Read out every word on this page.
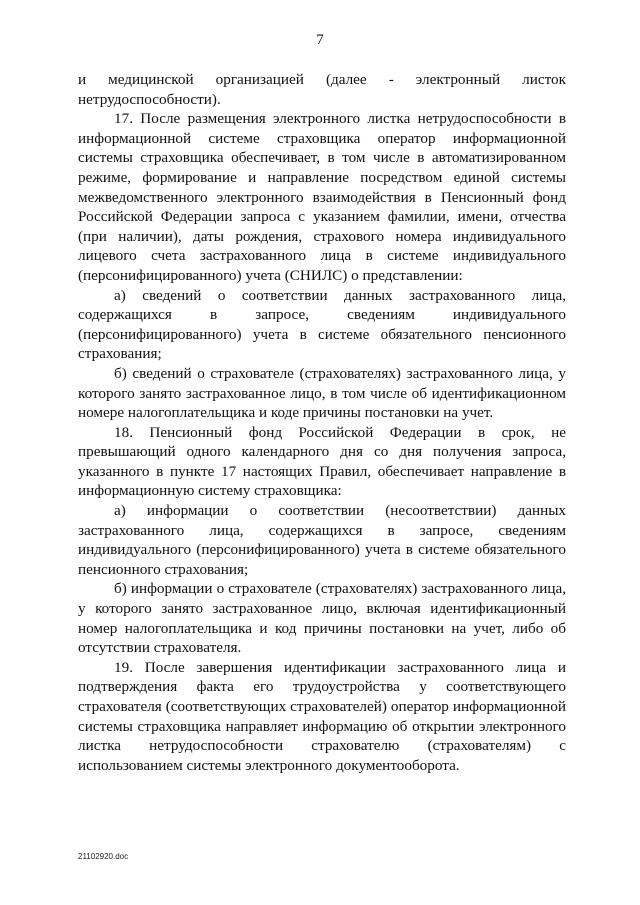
7

и медицинской организацией (далее - электронный листок нетрудоспособности).

17. После размещения электронного листка нетрудоспособности в информационной системе страховщика оператор информационной системы страховщика обеспечивает, в том числе в автоматизированном режиме, формирование и направление посредством единой системы межведомственного электронного взаимодействия в Пенсионный фонд Российской Федерации запроса с указанием фамилии, имени, отчества (при наличии), даты рождения, страхового номера индивидуального лицевого счета застрахованного лица в системе индивидуального (персонифицированного) учета (СНИЛС) о представлении:

а) сведений о соответствии данных застрахованного лица, содержащихся в запросе, сведениям индивидуального (персонифицированного) учета в системе обязательного пенсионного страхования;

б) сведений о страхователе (страхователях) застрахованного лица, у которого занято застрахованное лицо, в том числе об идентификационном номере налогоплательщика и коде причины постановки на учет.

18. Пенсионный фонд Российской Федерации в срок, не превышающий одного календарного дня со дня получения запроса, указанного в пункте 17 настоящих Правил, обеспечивает направление в информационную систему страховщика:

а) информации о соответствии (несоответствии) данных застрахованного лица, содержащихся в запросе, сведениям индивидуального (персонифицированного) учета в системе обязательного пенсионного страхования;

б) информации о страхователе (страхователях) застрахованного лица, у которого занято застрахованное лицо, включая идентификационный номер налогоплательщика и код причины постановки на учет, либо об отсутствии страхователя.

19. После завершения идентификации застрахованного лица и подтверждения факта его трудоустройства у соответствующего страхователя (соответствующих страхователей) оператор информационной системы страховщика направляет информацию об открытии электронного листка нетрудоспособности страхователю (страхователям) с использованием системы электронного документооборота.

21102920.doc
